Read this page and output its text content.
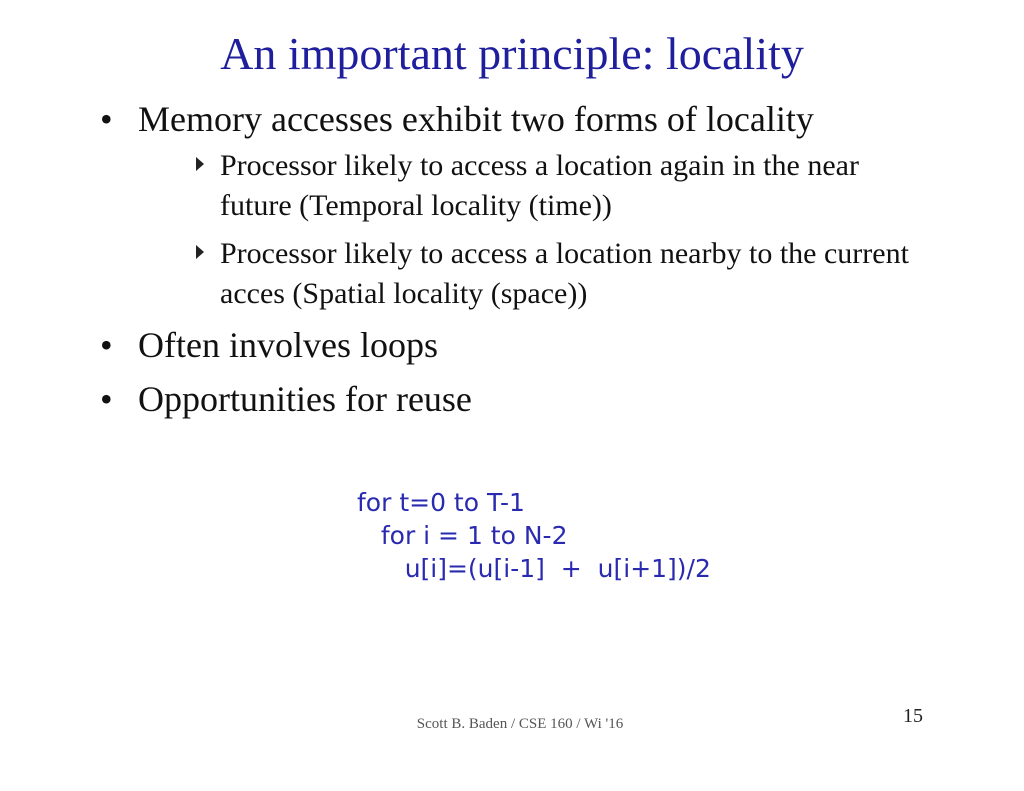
An important principle: locality
• Memory accesses exhibit two forms of locality
Processor likely to access a location again in the near
future (Temporal locality (time))
Processor likely to access a location nearby to the current
acces (Spatial locality (space))
• Often involves loops
• Opportunities for reuse
for t=0 to T-1
for i = 1 to N-2
u[i]=(u[i-1]  +  u[i+1])/2
Scott B. Baden / CSE 160 / Wi '16	15
